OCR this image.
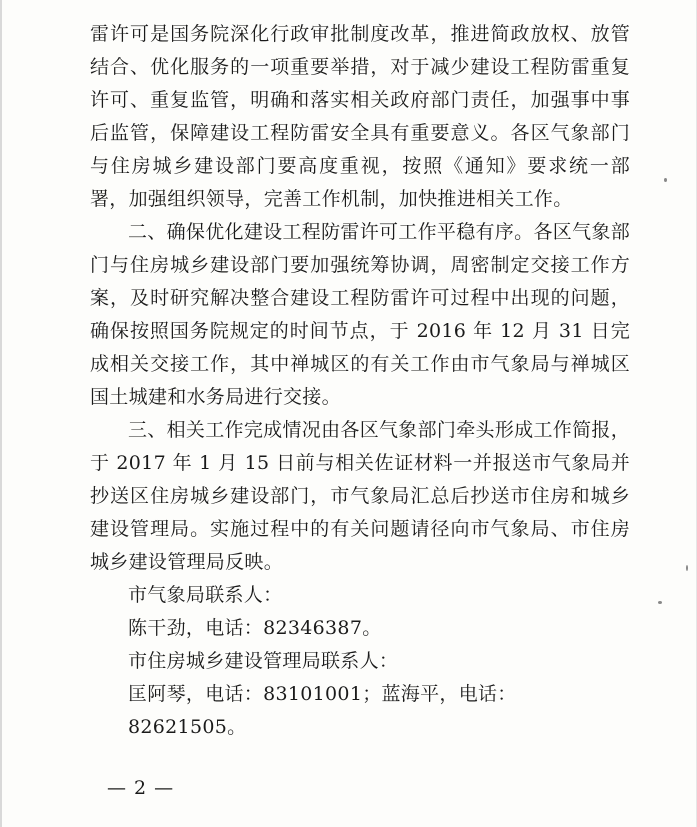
雷许可是国务院深化行政审批制度改革，推进简政放权、放管结合、优化服务的一项重要举措，对于减少建设工程防雷重复许可、重复监管，明确和落实相关政府部门责任，加强事中事后监管，保障建设工程防雷安全具有重要意义。各区气象部门与住房城乡建设部门要高度重视，按照《通知》要求统一部署，加强组织领导，完善工作机制，加快推进相关工作。

二、确保优化建设工程防雷许可工作平稳有序。各区气象部门与住房城乡建设部门要加强统筹协调，周密制定交接工作方案，及时研究解决整合建设工程防雷许可过程中出现的问题，确保按照国务院规定的时间节点，于 2016 年 12 月 31 日完成相关交接工作，其中禅城区的有关工作由市气象局与禅城区国土城建和水务局进行交接。

三、相关工作完成情况由各区气象部门牵头形成工作简报，于 2017 年 1 月 15 日前与相关佐证材料一并报送市气象局并抄送区住房城乡建设部门，市气象局汇总后抄送市住房和城乡建设管理局。实施过程中的有关问题请径向市气象局、市住房城乡建设管理局反映。

市气象局联系人：

陈干劲，电话：82346387。

市住房城乡建设管理局联系人：

匡阿琴，电话：83101001；蓝海平，电话：82621505。

— 2 —
